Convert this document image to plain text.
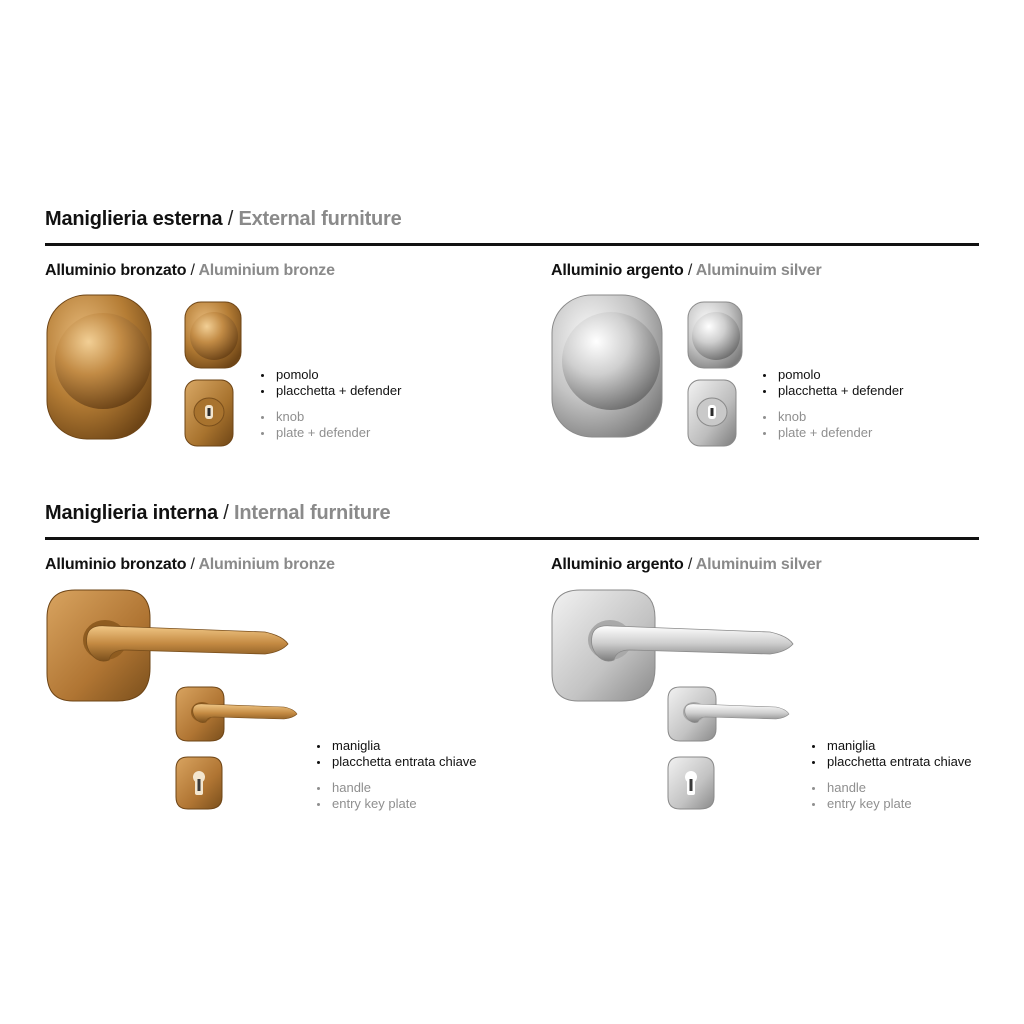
Maniglieria esterna / External furniture
Alluminio bronzato / Aluminium bronze
pomolo
placchetta + defender
knob
plate + defender
Alluminio argento / Aluminuim silver
pomolo
placchetta + defender
knob
plate + defender
Maniglieria interna / Internal furniture
Alluminio bronzato / Aluminium bronze
maniglia
placchetta entrata chiave
handle
entry key plate
Alluminio argento / Aluminuim silver
maniglia
placchetta entrata chiave
handle
entry key plate
